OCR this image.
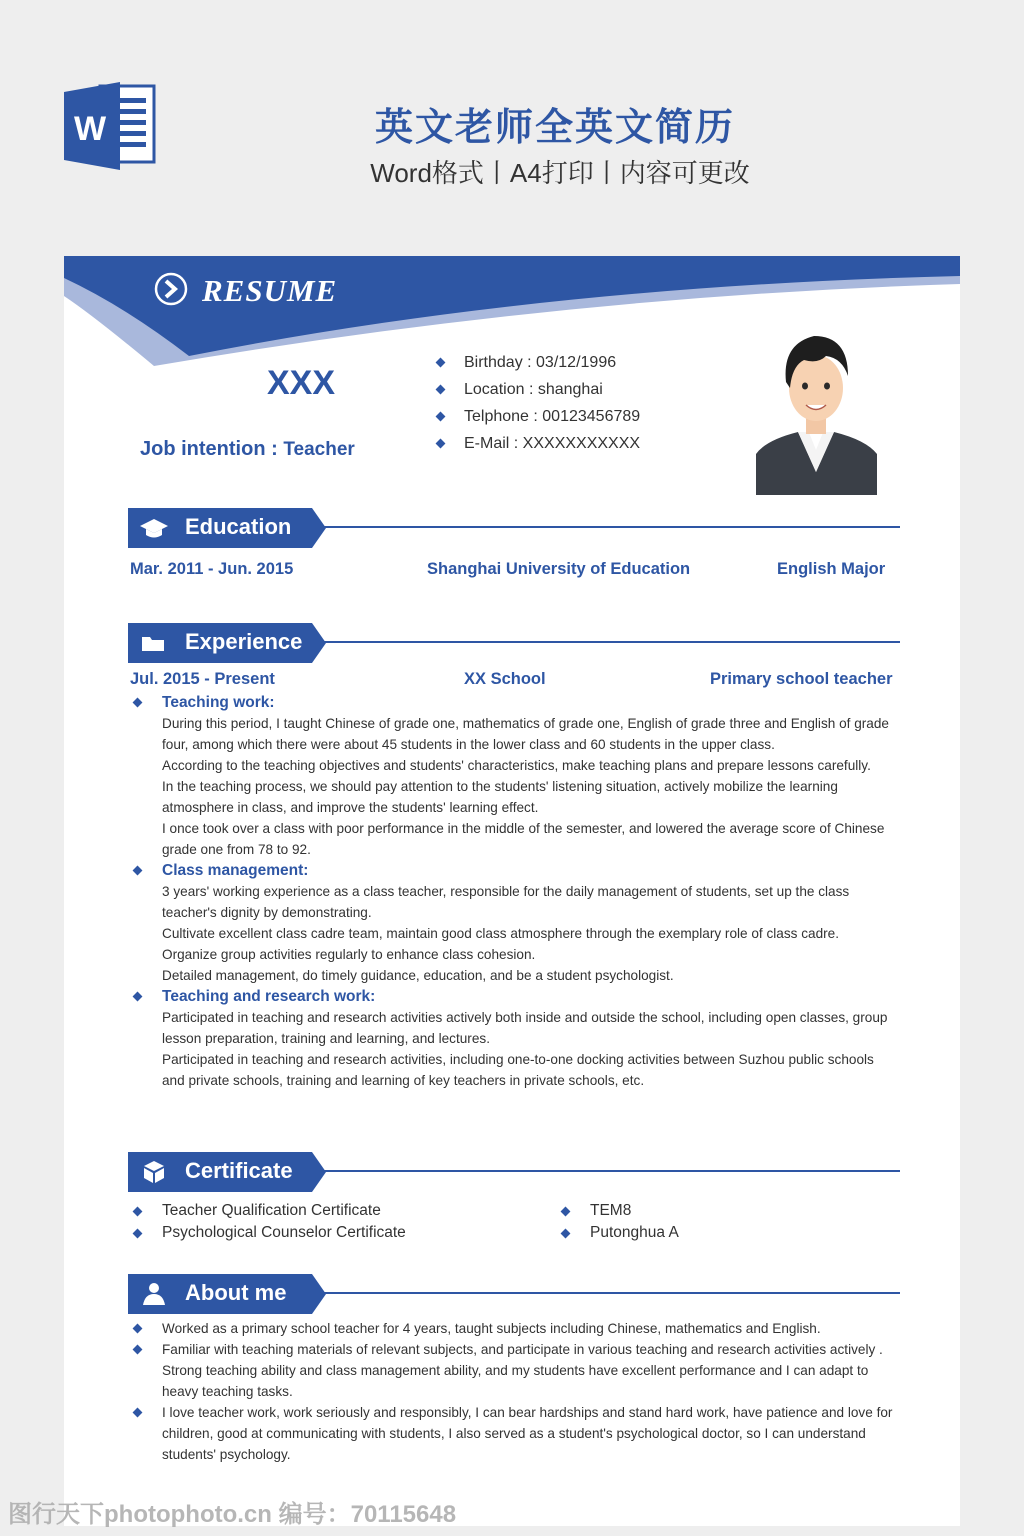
W	英文老师全英文简历
Word格式丨A4打印丨内容可更改
RESUME
XXX
Job intention : Teacher
Birthday : 03/12/1996
Location : shanghai
Telphone : 00123456789
E-Mail : XXXXXXXXXXX
Education
Mar. 2011 - Jun. 2015	Shanghai University of Education	English Major
Experience
Jul. 2015 - Present	XX School	Primary school teacher
Teaching work:
During this period, I taught Chinese of grade one, mathematics of grade one, English of grade three and English of grade four, among which there were about 45 students in the lower class and 60 students in the upper class.
According to the teaching objectives and students' characteristics, make teaching plans and prepare lessons carefully.
In the teaching process, we should pay attention to the students' listening situation, actively mobilize the learning atmosphere in class, and improve the students' learning effect.
I once took over a class with poor performance in the middle of the semester, and lowered the average score of Chinese grade one from 78 to 92.
Class management:
3 years' working experience as a class teacher, responsible for the daily management of students, set up the class teacher's dignity by demonstrating.
Cultivate excellent class cadre team, maintain good class atmosphere through the exemplary role of class cadre.
Organize group activities regularly to enhance class cohesion.
Detailed management, do timely guidance, education, and be a student psychologist.
Teaching and research work:
Participated in teaching and research activities actively both inside and outside the school, including open classes, group lesson preparation, training and learning, and lectures.
Participated in teaching and research activities, including one-to-one docking activities between Suzhou public schools and private schools, training and learning of key teachers in private schools, etc.
Certificate
Teacher Qualification Certificate
Psychological Counselor Certificate
TEM8
Putonghua A
About me
Worked as a primary school teacher for 4 years, taught subjects including Chinese, mathematics and English.
Familiar with teaching materials of relevant subjects, and participate in various teaching and research activities actively . Strong teaching ability and class management ability, and my students have excellent performance and I can adapt to heavy teaching tasks.
I love teacher work, work seriously and responsibly, I can bear hardships and stand hard work, have patience and love for children, good at communicating with students, I also served as a student's psychological doctor, so I can understand students' psychology.
图行天下photophoto.cn 编号：70115648
